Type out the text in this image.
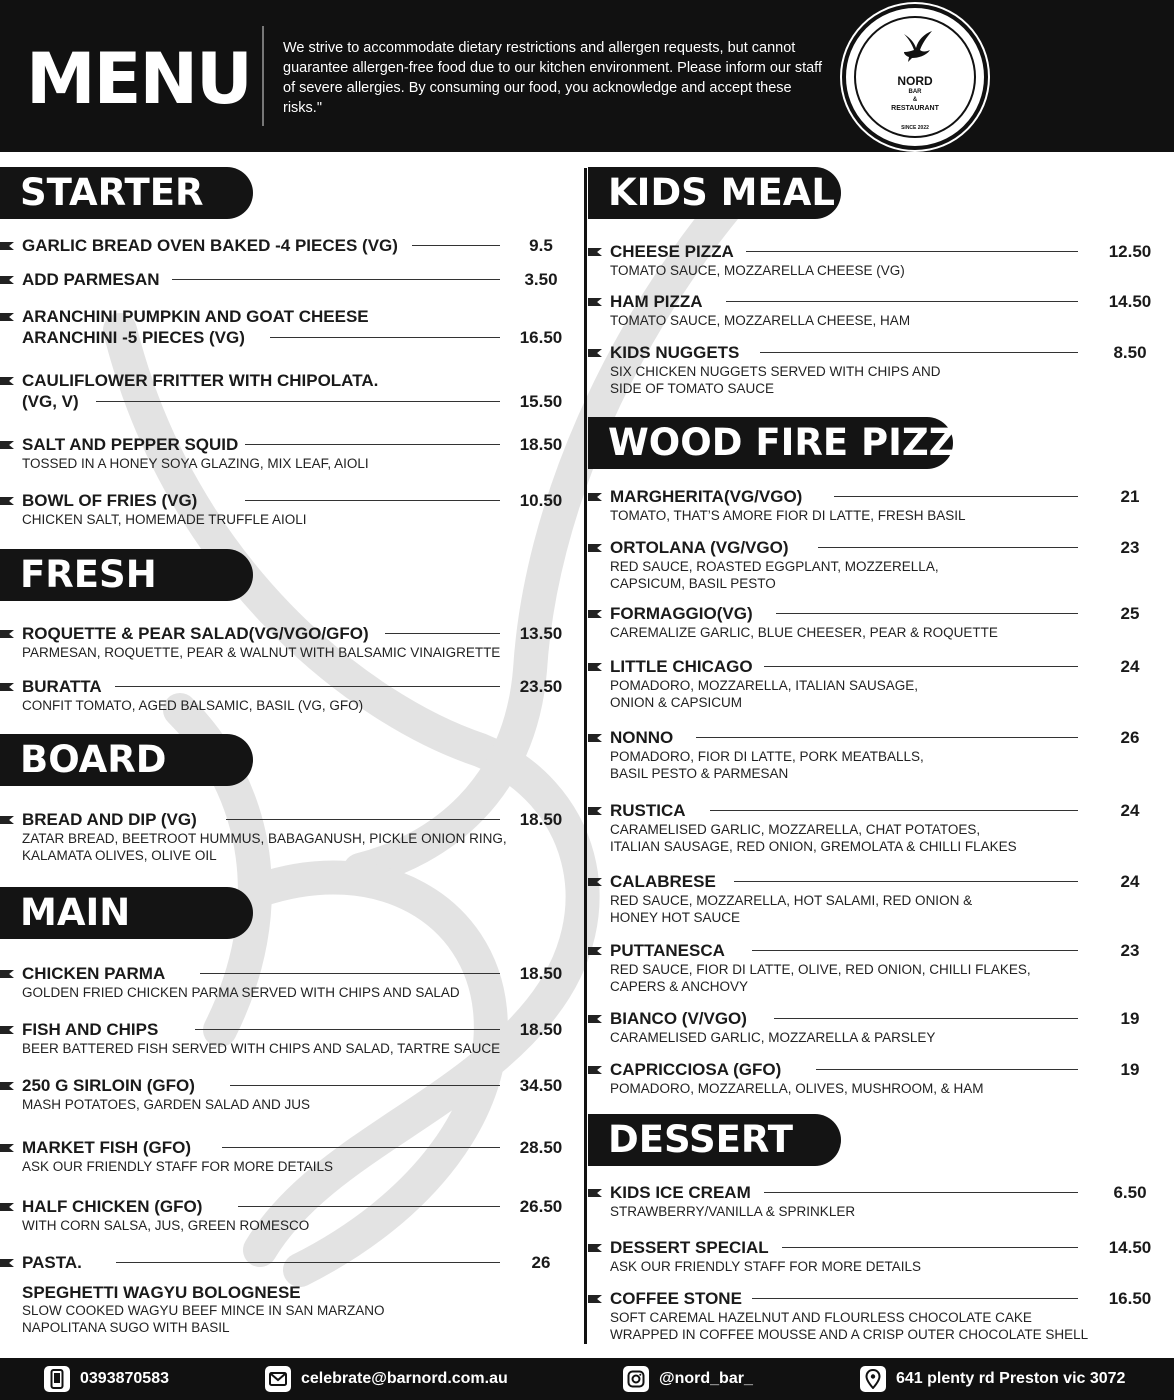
MENU We strive to accommodate dietary restrictions and allergen requests, but cannot guarantee allergen-free food due to our kitchen environment. Please inform our staff of severe allergies. By consuming our food, you acknowledge and accept these risks."
NORD
BAR
&
RESTAURANT
SINCE 2022
STARTER
GARLIC BREAD OVEN BAKED -4 PIECES (VG)	9.5
ADD PARMESAN	3.50
ARANCHINI PUMPKIN AND GOAT CHEESE
ARANCHINI -5 PIECES (VG)	16.50
CAULIFLOWER FRITTER WITH CHIPOLATA.
(VG, V)	15.50
SALT AND PEPPER SQUID	18.50
TOSSED IN A HONEY SOYA GLAZING, MIX LEAF, AIOLI
BOWL OF FRIES (VG)	10.50
CHICKEN SALT, HOMEMADE TRUFFLE AIOLI
FRESH
ROQUETTE & PEAR SALAD(VG/VGO/GFO)	13.50
PARMESAN, ROQUETTE, PEAR & WALNUT WITH BALSAMIC VINAIGRETTE
BURATTA	23.50
CONFIT TOMATO, AGED BALSAMIC, BASIL (VG, GFO)
BOARD
BREAD AND DIP (VG)	18.50
ZATAR BREAD, BEETROOT HUMMUS, BABAGANUSH, PICKLE ONION RING,
KALAMATA OLIVES, OLIVE OIL
MAIN
CHICKEN PARMA	18.50
GOLDEN FRIED CHICKEN PARMA SERVED WITH CHIPS AND SALAD
FISH AND CHIPS	18.50
BEER BATTERED FISH SERVED WITH CHIPS AND SALAD, TARTRE SAUCE
250 G SIRLOIN (GFO)	34.50
MASH POTATOES, GARDEN SALAD AND JUS
MARKET FISH (GFO)	28.50
ASK OUR FRIENDLY STAFF FOR MORE DETAILS
HALF CHICKEN (GFO)	26.50
WITH CORN SALSA, JUS, GREEN ROMESCO
PASTA.	26
SPEGHETTI WAGYU BOLOGNESE
SLOW COOKED WAGYU BEEF MINCE IN SAN MARZANO
NAPOLITANA SUGO WITH BASIL
KIDS MEAL
CHEESE PIZZA	12.50
TOMATO SAUCE, MOZZARELLA CHEESE (VG)
HAM PIZZA	14.50
TOMATO SAUCE, MOZZARELLA CHEESE, HAM
KIDS NUGGETS	8.50
SIX CHICKEN NUGGETS SERVED WITH CHIPS AND
SIDE OF TOMATO SAUCE
WOOD FIRE PIZZA
MARGHERITA(VG/VGO)	21
TOMATO, THAT’S AMORE FIOR DI LATTE, FRESH BASIL
ORTOLANA (VG/VGO)	23
RED SAUCE, ROASTED EGGPLANT, MOZZERELLA,
CAPSICUM, BASIL PESTO
FORMAGGIO(VG)	25
CAREMALIZE GARLIC, BLUE CHEESER, PEAR & ROQUETTE
LITTLE CHICAGO	24
POMADORO, MOZZARELLA, ITALIAN SAUSAGE,
ONION & CAPSICUM
NONNO	26
POMADORO, FIOR DI LATTE, PORK MEATBALLS,
BASIL PESTO & PARMESAN
RUSTICA	24
CARAMELISED GARLIC, MOZZARELLA, CHAT POTATOES,
ITALIAN SAUSAGE, RED ONION, GREMOLATA & CHILLI FLAKES
CALABRESE	24
RED SAUCE, MOZZARELLA, HOT SALAMI, RED ONION &
HONEY HOT SAUCE
PUTTANESCA	23
RED SAUCE, FIOR DI LATTE, OLIVE, RED ONION, CHILLI FLAKES,
CAPERS & ANCHOVY
BIANCO (V/VGO)	19
CARAMELISED GARLIC, MOZZARELLA & PARSLEY
CAPRICCIOSA (GFO)	19
POMADORO, MOZZARELLA, OLIVES, MUSHROOM, & HAM
DESSERT
KIDS ICE CREAM	6.50
STRAWBERRY/VANILLA & SPRINKLER
DESSERT SPECIAL	14.50
ASK OUR FRIENDLY STAFF FOR MORE DETAILS
COFFEE STONE	16.50
SOFT CAREMAL HAZELNUT AND FLOURLESS CHOCOLATE CAKE
WRAPPED IN COFFEE MOUSSE AND A CRISP OUTER CHOCOLATE SHELL
0393870583	celebrate@barnord.com.au	@nord_bar_	641 plenty rd Preston vic 3072
